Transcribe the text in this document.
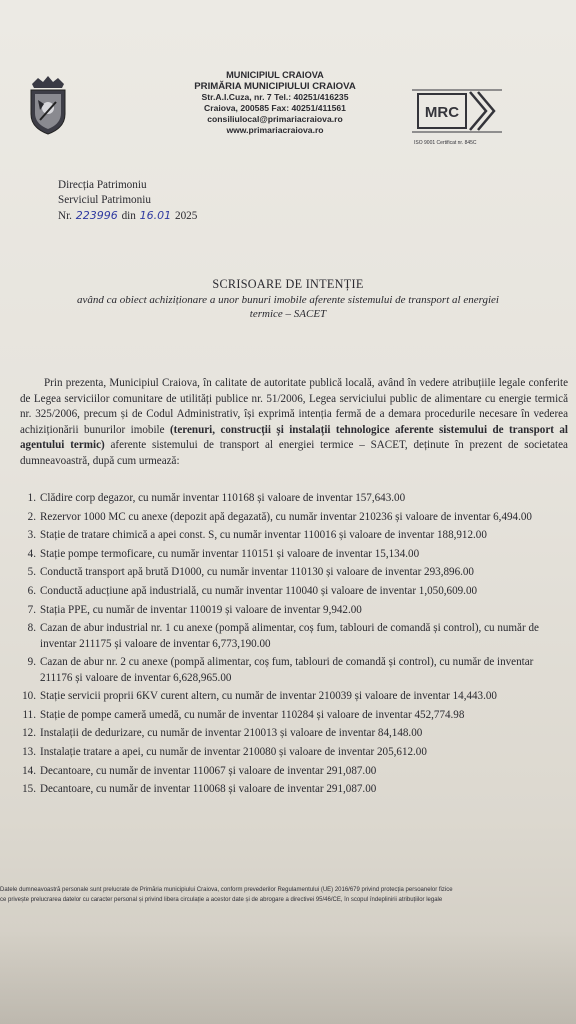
MUNICIPIUL CRAIOVA
PRIMĂRIA MUNICIPIULUI CRAIOVA
Str.A.I.Cuza, nr. 7 Tel.: 40251/416235
Craiova, 200585 Fax: 40251/411561
consiliulocal@primariacraiova.ro
www.primariacraiova.ro
MRC
ISO 9001 Certificat nr. 845C
Direcția Patrimoniu
Serviciul Patrimoniu
Nr. 223996 din 16.01 2025
SCRISOARE DE INTENȚIE
având ca obiect achiziționare a unor bunuri imobile aferente sistemului de transport al energiei
termice – SACET

Prin prezenta, Municipiul Craiova, în calitate de autoritate publică locală, având în vedere atribuțiile legale conferite de Legea serviciilor comunitare de utilități publice nr. 51/2006, Legea serviciului public de alimentare cu energie termică nr. 325/2006, precum și de Codul Administrativ, își exprimă intenția fermă de a demara procedurile necesare în vederea achiziționării bunurilor imobile (terenuri, construcții și instalații tehnologice aferente sistemului de transport al agentului termic) aferente sistemului de transport al energiei termice – SACET, deținute în prezent de societatea dumneavoastră, după cum urmează:

1. Clădire corp degazor, cu număr inventar 110168 și valoare de inventar 157,643.00
2. Rezervor 1000 MC cu anexe (depozit apă degazată), cu număr inventar 210236 și valoare de inventar 6,494.00
3. Stație de tratare chimică a apei const. S, cu număr inventar 110016 și valoare de inventar 188,912.00
4. Stație pompe termoficare, cu număr inventar 110151 și valoare de inventar 15,134.00
5. Conductă transport apă brută D1000, cu număr inventar 110130 și valoare de inventar 293,896.00
6. Conductă aducțiune apă industrială, cu număr inventar 110040 și valoare de inventar 1,050,609.00
7. Stația PPE, cu număr de inventar 110019 și valoare de inventar 9,942.00
8. Cazan de abur industrial nr. 1 cu anexe (pompă alimentar, coș fum, tablouri de comandă și control), cu număr de inventar 211175 și valoare de inventar 6,773,190.00
9. Cazan de abur nr. 2 cu anexe (pompă alimentar, coș fum, tablouri de comandă și control), cu număr de inventar 211176 și valoare de inventar 6,628,965.00
10. Stație servicii proprii 6KV curent altern, cu număr de inventar 210039 și valoare de inventar 14,443.00
11. Stație de pompe cameră umedă, cu număr de inventar 110284 și valoare de inventar 452,774.98
12. Instalații de dedurizare, cu număr de inventar 210013 și valoare de inventar 84,148.00
13. Instalație tratare a apei, cu număr de inventar 210080 și valoare de inventar 205,612.00
14. Decantoare, cu număr de inventar 110067 și valoare de inventar 291,087.00
15. Decantoare, cu număr de inventar 110068 și valoare de inventar 291,087.00
Datele dumneavoastră personale sunt prelucrate de Primăria municipiului Craiova, conform prevederilor Regulamentului (UE) 2016/679 privind protecția persoanelor fizice
ce privește prelucrarea datelor cu caracter personal și privind libera circulație a acestor date și de abrogare a directivei 95/46/CE, în scopul îndeplinirii atribuțiilor legale
